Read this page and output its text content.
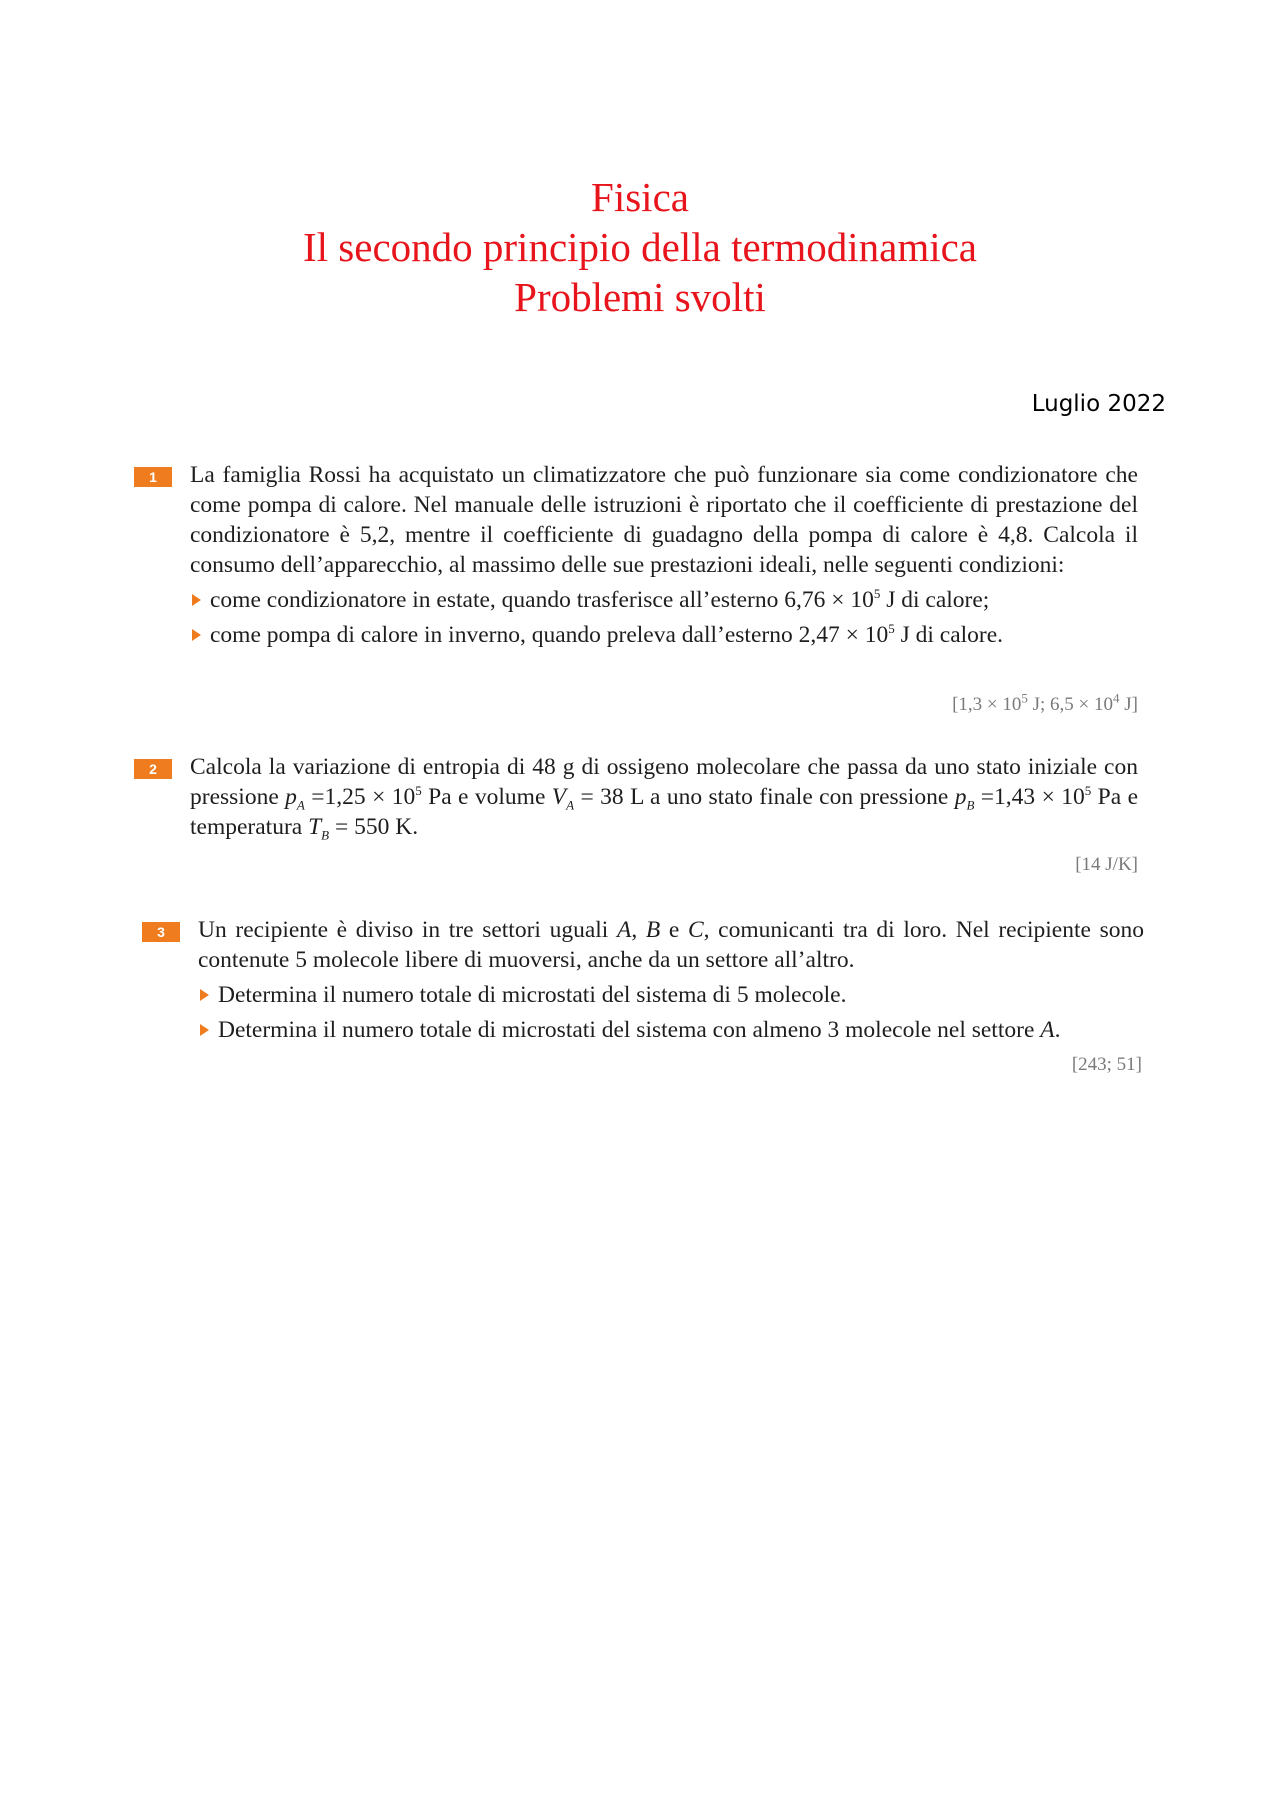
Fisica
Il secondo principio della termodinamica
Problemi svolti
Luglio 2022
1	La famiglia Rossi ha acquistato un climatizzatore che può funzionare sia come condizionatore che come pompa di calore. Nel manuale delle istruzioni è riportato che il coefficiente di prestazione del condizionatore è 5,2, mentre il coefficiente di guadagno della pompa di calore è 4,8. Calcola il consumo dell’apparecchio, al massimo delle sue prestazioni ideali, nelle seguenti condizioni:

come condizionatore in estate, quando trasferisce all’esterno $6,76 \times 10^5$ J di calore;
come pompa di calore in inverno, quando preleva dall’esterno $2,47 \times 10^5$ J di calore.
[$1,3 \times 10^5$ J; $6,5 \times 10^4$ J]
2	Calcola la variazione di entropia di 48 g di ossigeno molecolare che passa da uno stato iniziale con pressione $p_A =1,25 \times 10^5$ Pa e volume $V_A = 38$ L a uno stato finale con pressione $p_B =1,43 \times 10^5$ Pa e temperatura $T_B = 550$ K.

[14 J/K]
3	Un recipiente è diviso in tre settori uguali A, B e C, comunicanti tra di loro. Nel recipiente sono contenute 5 molecole libere di muoversi, anche da un settore all’altro.

Determina il numero totale di microstati del sistema di 5 molecole.
Determina il numero totale di microstati del sistema con almeno 3 molecole nel settore A.
[243; 51]
